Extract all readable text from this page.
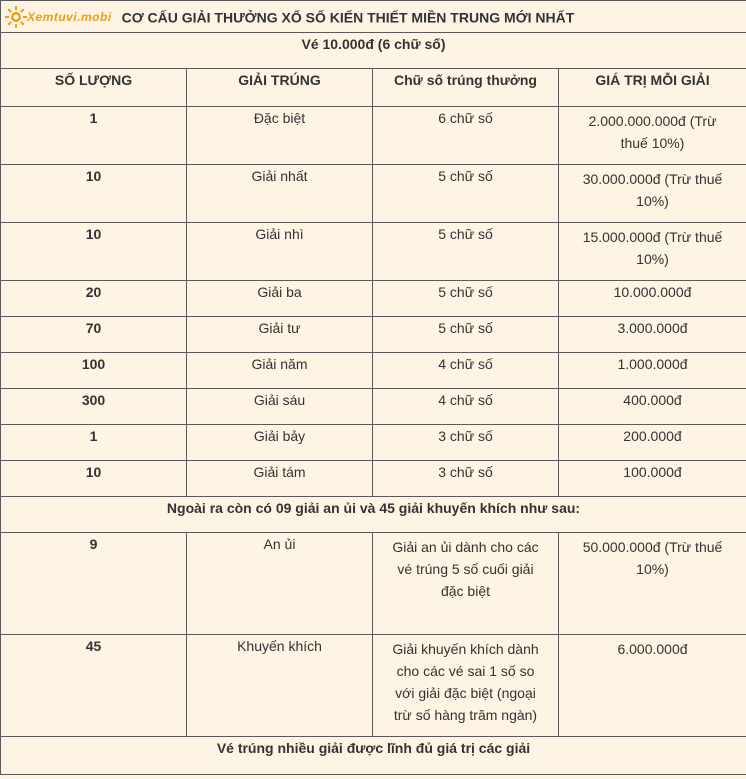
Xemtuvi.mobi CƠ CẤU GIẢI THƯỞNG XỔ SỐ KIẾN THIẾT MIỀN TRUNG MỚI NHẤT			
Vé 10.000đ (6 chữ số)			
SỐ LƯỢNG	GIẢI TRÚNG	Chữ số trúng thưởng	GIÁ TRỊ MỖI GIẢI
1	Đặc biệt	6 chữ số	2.000.000.000đ (Trừ thuế 10%)
10	Giải nhất	5 chữ số	30.000.000đ (Trừ thuế 10%)
10	Giải nhì	5 chữ số	15.000.000đ (Trừ thuế 10%)
20	Giải ba	5 chữ số	10.000.000đ
70	Giải tư	5 chữ số	3.000.000đ
100	Giải năm	4 chữ số	1.000.000đ
300	Giải sáu	4 chữ số	400.000đ
1	Giải bảy	3 chữ số	200.000đ
10	Giải tám	3 chữ số	100.000đ
Ngoài ra còn có 09 giải an ủi và 45 giải khuyến khích như sau:			
9	An ủi	Giải an ủi dành cho các vé trúng 5 số cuối giải đặc biệt	50.000.000đ (Trừ thuế 10%)
45	Khuyến khích	Giải khuyến khích dành cho các vé sai 1 số so với giải đặc biệt (ngoại trừ số hàng trăm ngàn)	6.000.000đ
Vé trúng nhiều giải được lĩnh đủ giá trị các giải			
